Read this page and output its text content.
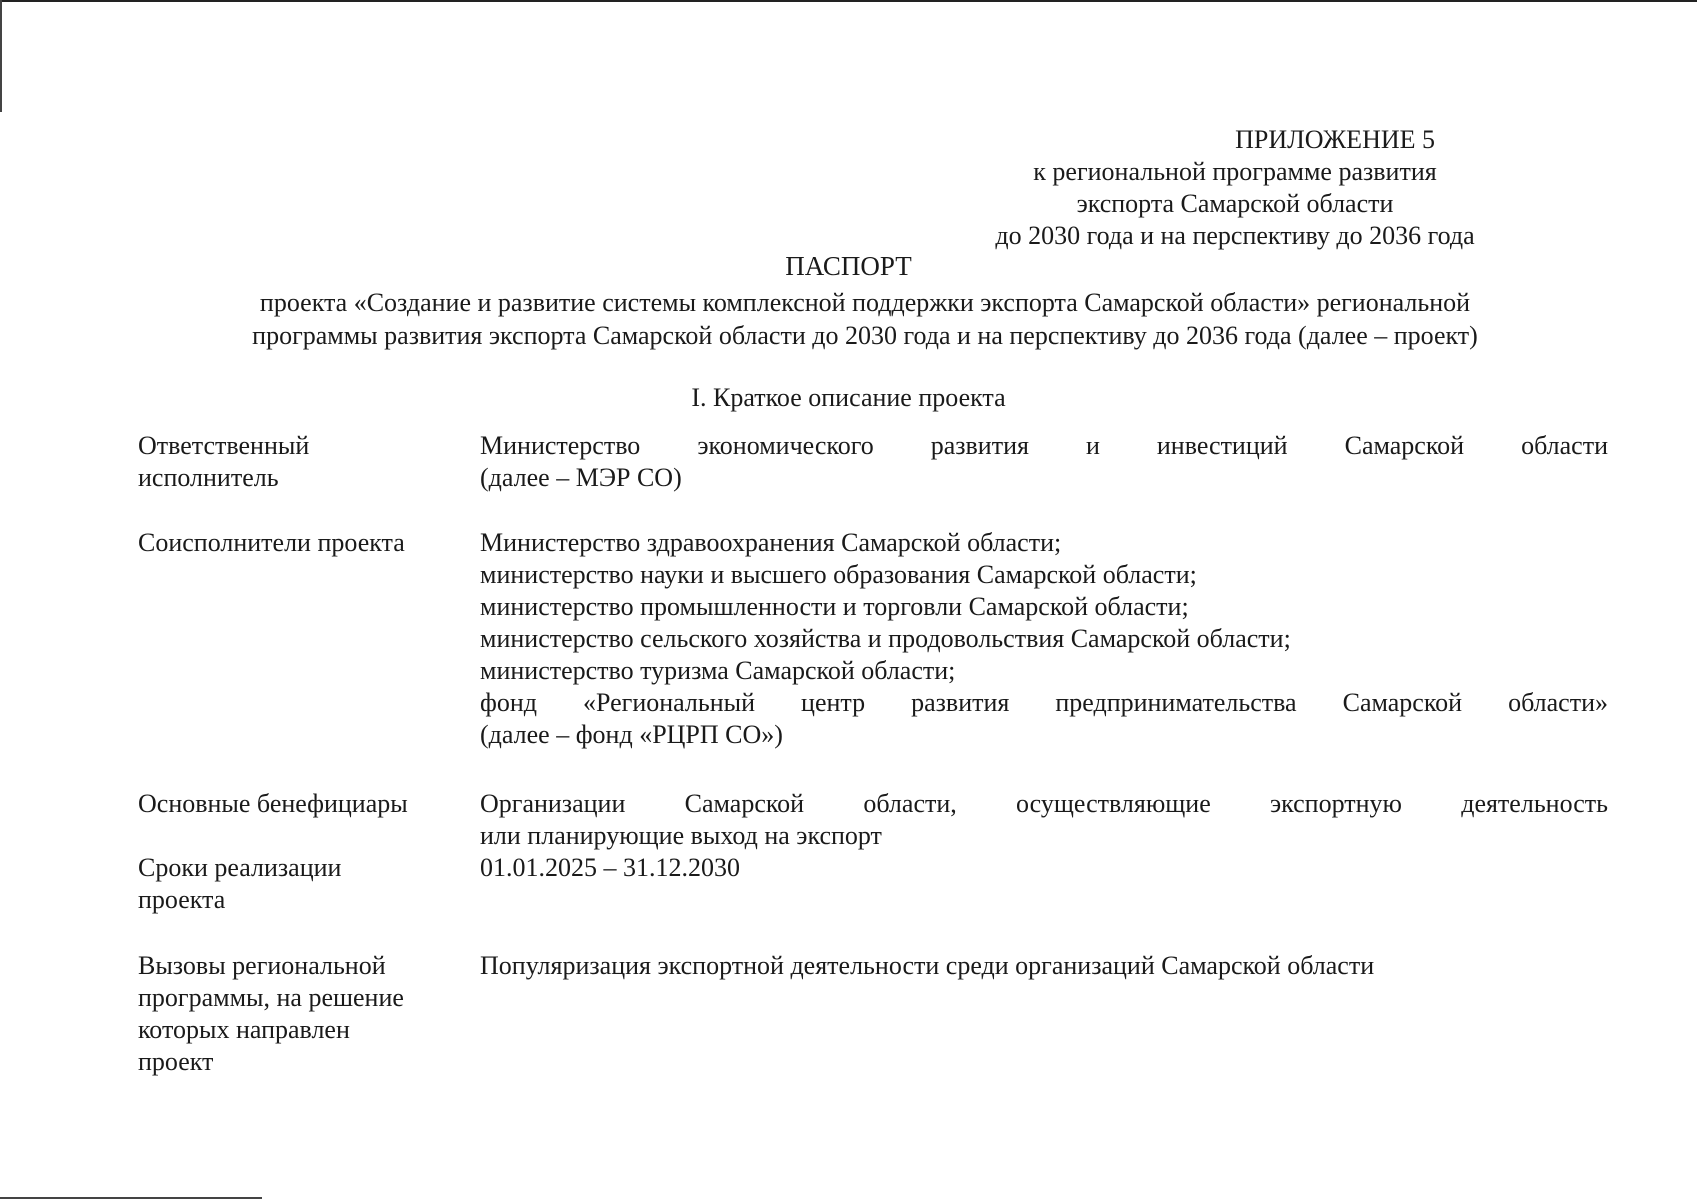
ПРИЛОЖЕНИЕ 5
к региональной программе развития
экспорта Самарской области
до 2030 года и на перспективу до 2036 года
ПАСПОРТ
проекта «Создание и развитие системы комплексной поддержки экспорта Самарской области» региональной
программы развития экспорта Самарской области до 2030 года и на перспективу до 2036 года (далее – проект)
I. Краткое описание проекта
Ответственный
исполнитель
Министерство экономического развития и инвестиций Самарской области
(далее – МЭР СО)
Соисполнители проекта	Министерство здравоохранения Самарской области;
министерство науки и высшего образования Самарской области;
министерство промышленности и торговли Самарской области;
министерство сельского хозяйства и продовольствия Самарской области;
министерство туризма Самарской области;
фонд «Региональный центр развития предпринимательства Самарской области»
(далее – фонд «РЦРП СО»)
Основные бенефициары	Организации Самарской области, осуществляющие экспортную деятельность
или планирующие выход на экспорт
Сроки реализации
проекта
01.01.2025 – 31.12.2030
Вызовы региональной
программы, на решение
которых направлен
проект
Популяризация экспортной деятельности среди организаций Самарской области
